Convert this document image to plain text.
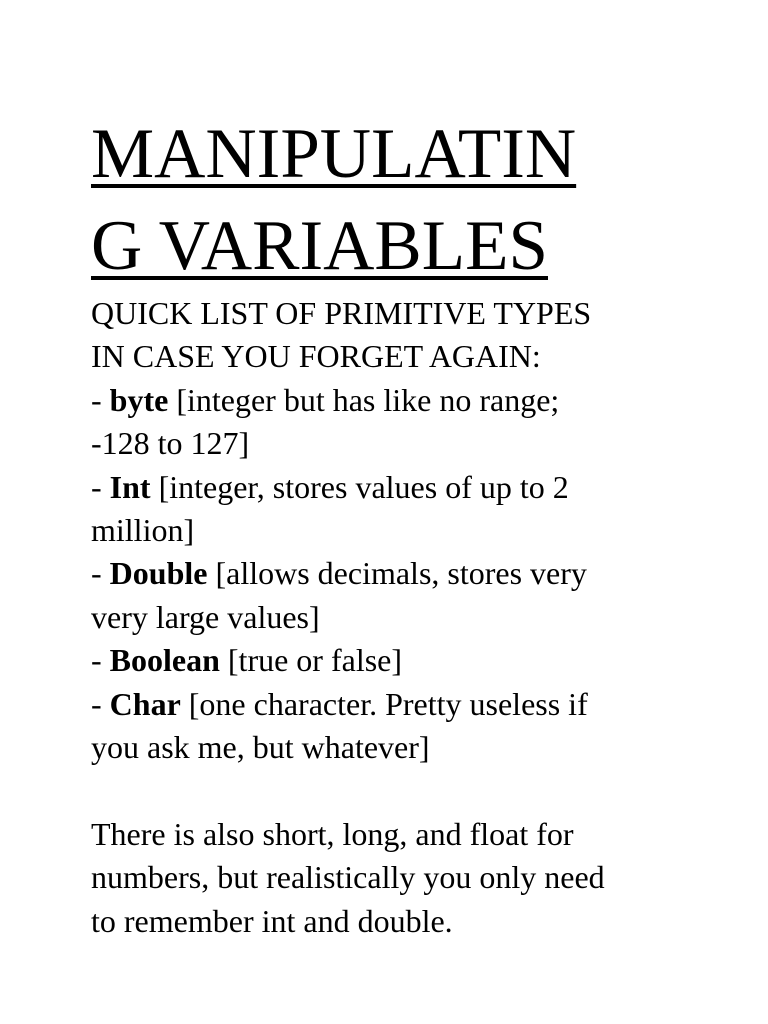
MANIPULATIN
G VARIABLES
QUICK LIST OF PRIMITIVE TYPES
IN CASE YOU FORGET AGAIN:
- byte [integer but has like no range;
-128 to 127]
- Int [integer, stores values of up to 2
million]
- Double [allows decimals, stores very
very large values]
- Boolean [true or false]
- Char [one character. Pretty useless if
you ask me, but whatever]
There is also short, long, and float for
numbers, but realistically you only need
to remember int and double.
